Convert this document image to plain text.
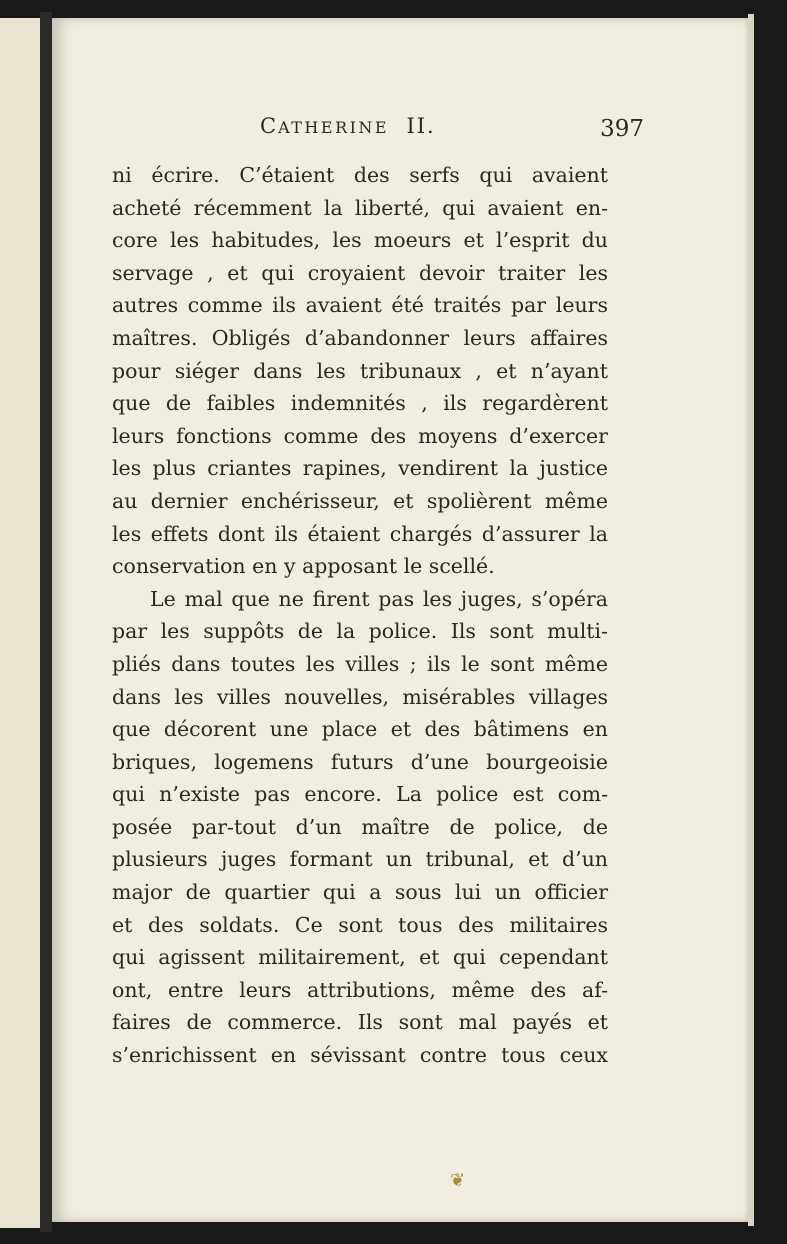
CATHERINE II.	397
ni écrire. C’étaient des serfs qui avaient
acheté récemment la liberté, qui avaient en-
core les habitudes, les moeurs et l’esprit du
servage , et qui croyaient devoir traiter les
autres comme ils avaient été traités par leurs
maîtres. Obligés d’abandonner leurs affaires
pour siéger dans les tribunaux , et n’ayant
que de faibles indemnités , ils regardèrent
leurs fonctions comme des moyens d’exercer
les plus criantes rapines, vendirent la justice
au dernier enchérisseur, et spolièrent même
les effets dont ils étaient chargés d’assurer la
conservation en y apposant le scellé.
Le mal que ne firent pas les juges, s’opéra
par les suppôts de la police. Ils sont multi-
pliés dans toutes les villes ; ils le sont même
dans les villes nouvelles, misérables villages
que décorent une place et des bâtimens en
briques, logemens futurs d’une bourgeoisie
qui n’existe pas encore. La police est com-
posée par-tout d’un maître de police, de
plusieurs juges formant un tribunal, et d’un
major de quartier qui a sous lui un officier
et des soldats. Ce sont tous des militaires
qui agissent militairement, et qui cependant
ont, entre leurs attributions, même des af-
faires de commerce. Ils sont mal payés et
s’enrichissent en sévissant contre tous ceux
❦
